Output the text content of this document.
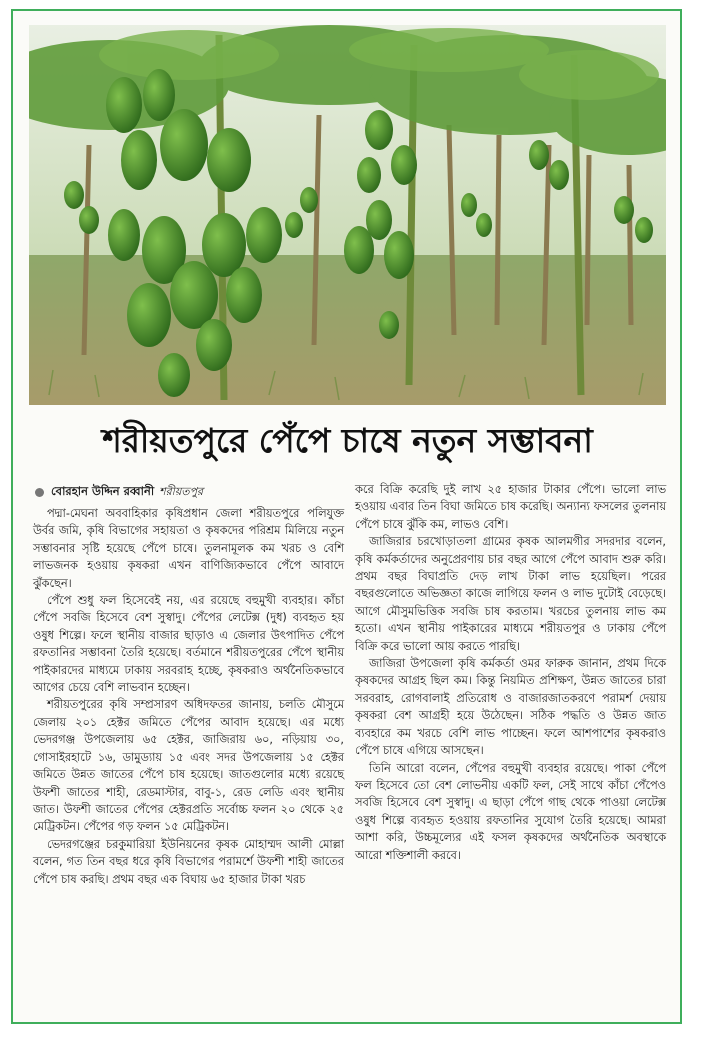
শরীয়তপুরে পেঁপে চাষে নতুন সম্ভাবনা
বোরহান উদ্দিন রব্বানী শরীয়তপুর

পদ্মা-মেঘনা অববাহিকার কৃষিপ্রধান জেলা শরীয়তপুরে পলিযুক্ত উর্বর জমি, কৃষি বিভাগের সহায়তা ও কৃষকদের পরিশ্রম মিলিয়ে নতুন সম্ভাবনার সৃষ্টি হয়েছে পেঁপে চাষে। তুলনামূলক কম খরচ ও বেশি লাভজনক হওয়ায় কৃষকরা এখন বাণিজ্যিকভাবে পেঁপে আবাদে ঝুঁকছেন।

পেঁপে শুধু ফল হিসেবেই নয়, এর রয়েছে বহুমুখী ব্যবহার। কাঁচা পেঁপে সবজি হিসেবে বেশ সুস্বাদু। পেঁপের লেটেক্স (দুধ) ব্যবহৃত হয় ওষুধ শিল্পে। ফলে স্থানীয় বাজার ছাড়াও এ জেলার উৎপাদিত পেঁপে রফতানির সম্ভাবনা তৈরি হয়েছে। বর্তমানে শরীয়তপুরের পেঁপে স্থানীয় পাইকারদের মাধ্যমে ঢাকায় সরবরাহ হচ্ছে, কৃষকরাও অর্থনৈতিকভাবে আগের চেয়ে বেশি লাভবান হচ্ছেন।

শরীয়তপুরের কৃষি সম্প্রসারণ অধিদফতর জানায়, চলতি মৌসুমে জেলায় ২০১ হেক্টর জমিতে পেঁপের আবাদ হয়েছে। এর মধ্যে ভেদরগঞ্জ উপজেলায় ৬৫ হেক্টর, জাজিরায় ৬০, নড়িয়ায় ৩০, গোসাইরহাটে ১৬, ডামুড্যায় ১৫ এবং সদর উপজেলায় ১৫ হেক্টর জমিতে উন্নত জাতের পেঁপে চাষ হয়েছে। জাতগুলোর মধ্যে রয়েছে উফশী জাতের শাহী, রেডমাস্টার, বাবু-১, রেড লেডি এবং স্থানীয় জাত। উফশী জাতের পেঁপের হেক্টরপ্রতি সর্বোচ্চ ফলন ২০ থেকে ২৫ মেট্রিকটন। পেঁপের গড় ফলন ১৫ মেট্রিকটন।

ভেদরগঞ্জের চরকুমারিয়া ইউনিয়নের কৃষক মোহাম্মদ আলী মোল্লা বলেন, গত তিন বছর ধরে কৃষি বিভাগের পরামর্শে উফশী শাহী জাতের পেঁপে চাষ করছি। প্রথম বছর এক বিঘায় ৬৫ হাজার টাকা খরচ

করে বিক্রি করেছি দুই লাখ ২৫ হাজার টাকার পেঁপে। ভালো লাভ হওয়ায় এবার তিন বিঘা জমিতে চাষ করেছি। অন্যান্য ফসলের তুলনায় পেঁপে চাষে ঝুঁকি কম, লাভও বেশি।

জাজিরার চরখোড়াতলা গ্রামের কৃষক আলমগীর সদরদার বলেন, কৃষি কর্মকর্তাদের অনুপ্রেরণায় চার বছর আগে পেঁপে আবাদ শুরু করি। প্রথম বছর বিঘাপ্রতি দেড় লাখ টাকা লাভ হয়েছিল। পরের বছরগুলোতে অভিজ্ঞতা কাজে লাগিয়ে ফলন ও লাভ দুটোই বেড়েছে। আগে মৌসুমভিত্তিক সবজি চাষ করতাম। খরচের তুলনায় লাভ কম হতো। এখন স্থানীয় পাইকারের মাধ্যমে শরীয়তপুর ও ঢাকায় পেঁপে বিক্রি করে ভালো আয় করতে পারছি।

জাজিরা উপজেলা কৃষি কর্মকর্তা ওমর ফারুক জানান, প্রথম দিকে কৃষকদের আগ্রহ ছিল কম। কিন্তু নিয়মিত প্রশিক্ষণ, উন্নত জাতের চারা সরবরাহ, রোগবালাই প্রতিরোধ ও বাজারজাতকরণে পরামর্শ দেয়ায় কৃষকরা বেশ আগ্রহী হয়ে উঠেছেন। সঠিক পদ্ধতি ও উন্নত জাত ব্যবহারে কম খরচে বেশি লাভ পাচ্ছেন। ফলে আশপাশের কৃষকরাও পেঁপে চাষে এগিয়ে আসছেন।

তিনি আরো বলেন, পেঁপের বহুমুখী ব্যবহার রয়েছে। পাকা পেঁপে ফল হিসেবে তো বেশ লোভনীয় একটি ফল, সেই সাথে কাঁচা পেঁপেও সবজি হিসেবে বেশ সুস্বাদু। এ ছাড়া পেঁপে গাছ থেকে পাওয়া লেটেক্স ওষুধ শিল্পে ব্যবহৃত হওয়ায় রফতানির সুযোগ তৈরি হয়েছে। আমরা আশা করি, উচ্চমূল্যের এই ফসল কৃষকদের অর্থনৈতিক অবস্থাকে আরো শক্তিশালী করবে।
